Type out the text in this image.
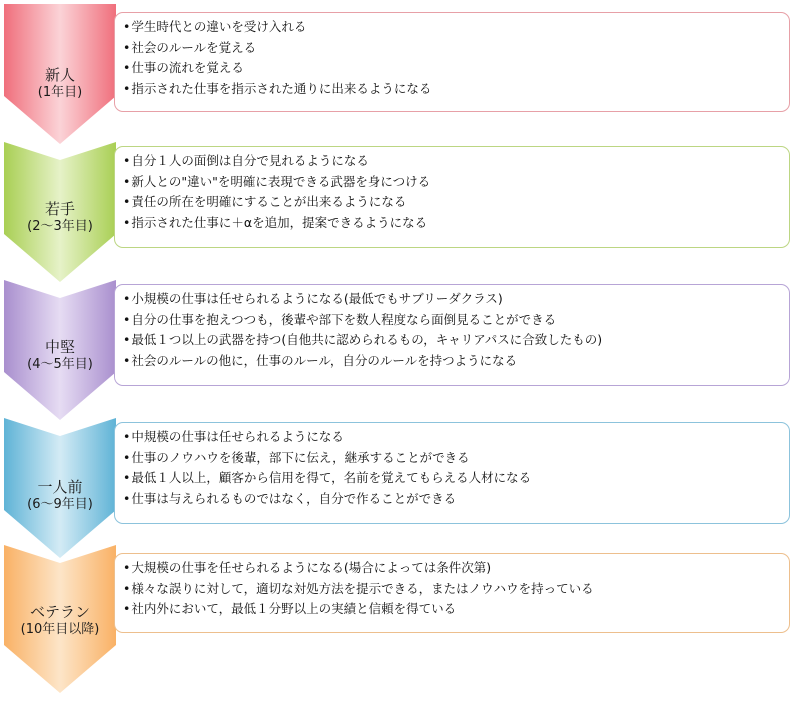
新人
(1年目)
• 学生時代との違いを受け入れる
• 社会のルールを覚える
• 仕事の流れを覚える
• 指示された仕事を指示された通りに出来るようになる
若手
(2〜3年目)
• 自分１人の面倒は自分で見れるようになる
• 新人との"違い"を明確に表現できる武器を身につける
• 責任の所在を明確にすることが出来るようになる
• 指示された仕事に＋αを追加，提案できるようになる
中堅
(4〜5年目)
• 小規模の仕事は任せられるようになる(最低でもサブリーダクラス)
• 自分の仕事を抱えつつも，後輩や部下を数人程度なら面倒見ることができる
• 最低１つ以上の武器を持つ(自他共に認められるもの，キャリアパスに合致したもの)
• 社会のルールの他に，仕事のルール，自分のルールを持つようになる
一人前
(6〜9年目)
• 中規模の仕事は任せられるようになる
• 仕事のノウハウを後輩，部下に伝え，継承することができる
• 最低１人以上，顧客から信用を得て，名前を覚えてもらえる人材になる
• 仕事は与えられるものではなく，自分で作ることができる
ベテラン
(10年目以降)
• 大規模の仕事を任せられるようになる(場合によっては条件次第)
• 様々な誤りに対して，適切な対処方法を提示できる，またはノウハウを持っている
• 社内外において，最低１分野以上の実績と信頼を得ている
